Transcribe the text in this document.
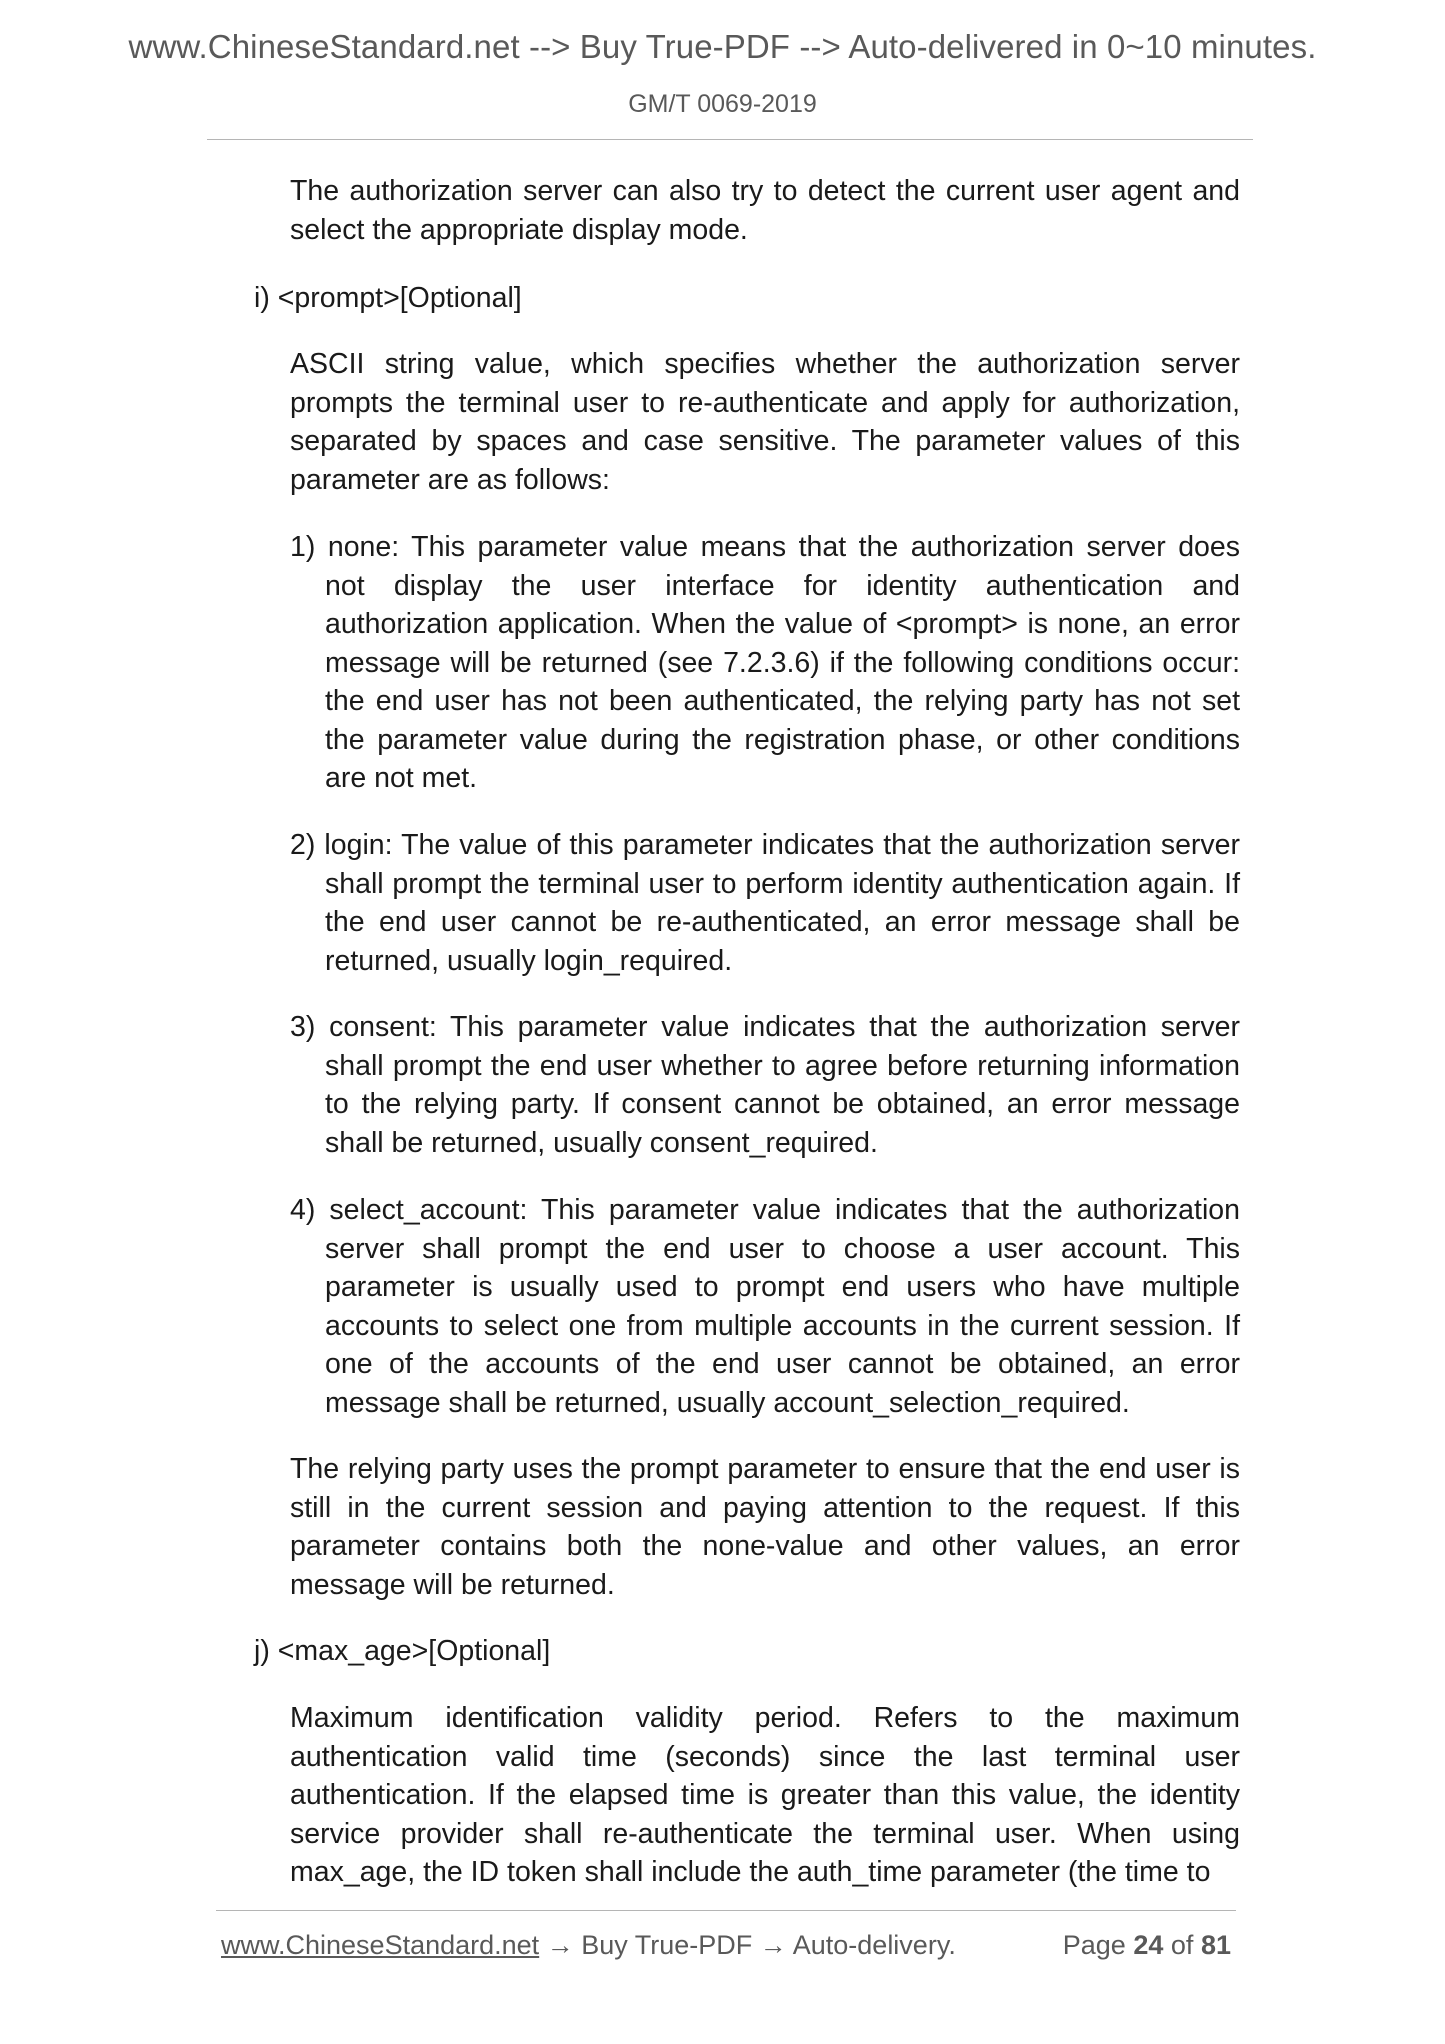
www.ChineseStandard.net --> Buy True-PDF --> Auto-delivered in 0~10 minutes.
GM/T 0069-2019

The authorization server can also try to detect the current user agent and select the appropriate display mode.

i) <prompt>[Optional]

ASCII string value, which specifies whether the authorization server prompts the terminal user to re-authenticate and apply for authorization, separated by spaces and case sensitive. The parameter values of this parameter are as follows:

1) none: This parameter value means that the authorization server does not display the user interface for identity authentication and authorization application. When the value of <prompt> is none, an error message will be returned (see 7.2.3.6) if the following conditions occur: the end user has not been authenticated, the relying party has not set the parameter value during the registration phase, or other conditions are not met.

2) login: The value of this parameter indicates that the authorization server shall prompt the terminal user to perform identity authentication again. If the end user cannot be re-authenticated, an error message shall be returned, usually login_required.

3) consent: This parameter value indicates that the authorization server shall prompt the end user whether to agree before returning information to the relying party. If consent cannot be obtained, an error message shall be returned, usually consent_required.

4) select_account: This parameter value indicates that the authorization server shall prompt the end user to choose a user account. This parameter is usually used to prompt end users who have multiple accounts to select one from multiple accounts in the current session. If one of the accounts of the end user cannot be obtained, an error message shall be returned, usually account_selection_required.

The relying party uses the prompt parameter to ensure that the end user is still in the current session and paying attention to the request. If this parameter contains both the none-value and other values, an error message will be returned.

j) <max_age>[Optional]

Maximum identification validity period. Refers to the maximum authentication valid time (seconds) since the last terminal user authentication. If the elapsed time is greater than this value, the identity service provider shall re-authenticate the terminal user. When using max_age, the ID token shall include the auth_time parameter (the time to

www.ChineseStandard.net → Buy True-PDF → Auto-delivery.	Page 24 of 81
